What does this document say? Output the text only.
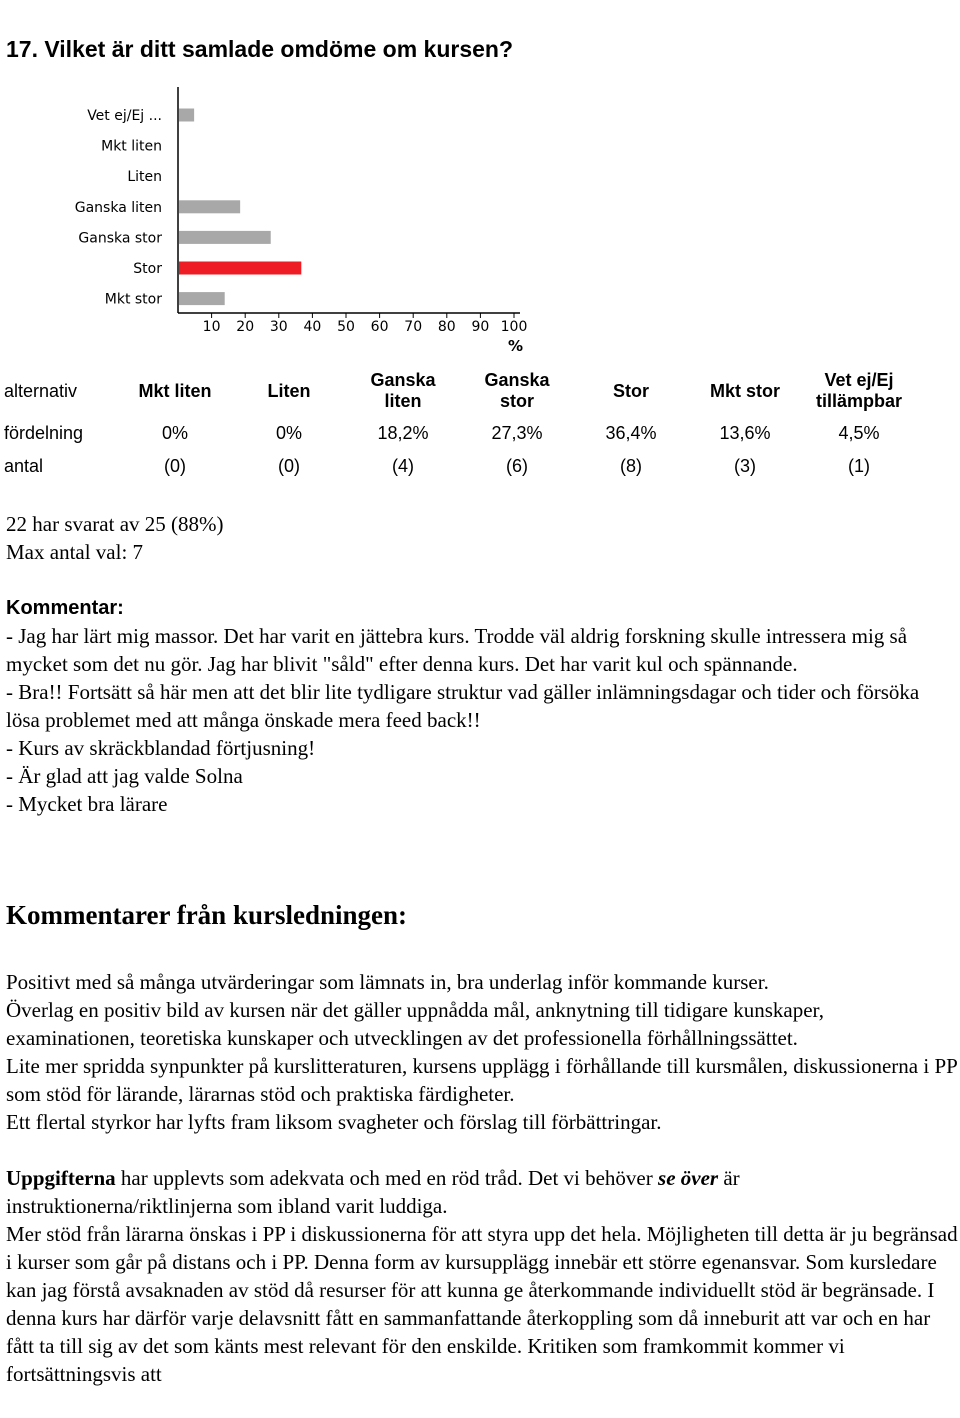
17. Vilket är ditt samlade omdöme om kursen?
Vet ej/Ej ...
Mkt liten
Liten
Ganska liten
Ganska stor
Stor
Mkt stor
10 20 30 40 50 60 70 80 90 100
%
alternativ	Mkt liten	Liten	Ganska liten	Ganska stor	Stor	Mkt stor	Vet ej/Ej tillämpbar
fördelning	0%	0%	18,2%	27,3%	36,4%	13,6%	4,5%
antal	(0)	(0)	(4)	(6)	(8)	(3)	(1)
22 har svarat av 25 (88%)
Max antal val: 7
Kommentar:

- Jag har lärt mig massor. Det har varit en jättebra kurs. Trodde väl aldrig forskning skulle intressera mig så mycket som det nu gör. Jag har blivit "såld" efter denna kurs. Det har varit kul och spännande.

- Bra!! Fortsätt så här men att det blir lite tydligare struktur vad gäller inlämningsdagar och tider och försöka lösa problemet med att många önskade mera feed back!!

- Kurs av skräckblandad förtjusning!

- Är glad att jag valde Solna

- Mycket bra lärare

Kommentarer från kursledningen:

Positivt med så många utvärderingar som lämnats in, bra underlag inför kommande kurser.

Överlag en positiv bild av kursen när det gäller uppnådda mål, anknytning till tidigare kunskaper, examinationen, teoretiska kunskaper och utvecklingen av det professionella förhållningssättet.

Lite mer spridda synpunkter på kurslitteraturen, kursens upplägg i förhållande till kursmålen, diskussionerna i PP som stöd för lärande, lärarnas stöd och praktiska färdigheter.

Ett flertal styrkor har lyfts fram liksom svagheter och förslag till förbättringar.

Uppgifterna har upplevts som adekvata och med en röd tråd. Det vi behöver se över är instruktionerna/riktlinjerna som ibland varit luddiga.

Mer stöd från lärarna önskas i PP i diskussionerna för att styra upp det hela. Möjligheten till detta är ju begränsad i kurser som går på distans och i PP. Denna form av kursupplägg innebär ett större egenansvar. Som kursledare kan jag förstå avsaknaden av stöd då resurser för att kunna ge återkommande individuellt stöd är begränsade. I denna kurs har därför varje delavsnitt fått en sammanfattande återkoppling som då inneburit att var och en har fått ta till sig av det som känts mest relevant för den enskilde. Kritiken som framkommit kommer vi fortsättningsvis att
